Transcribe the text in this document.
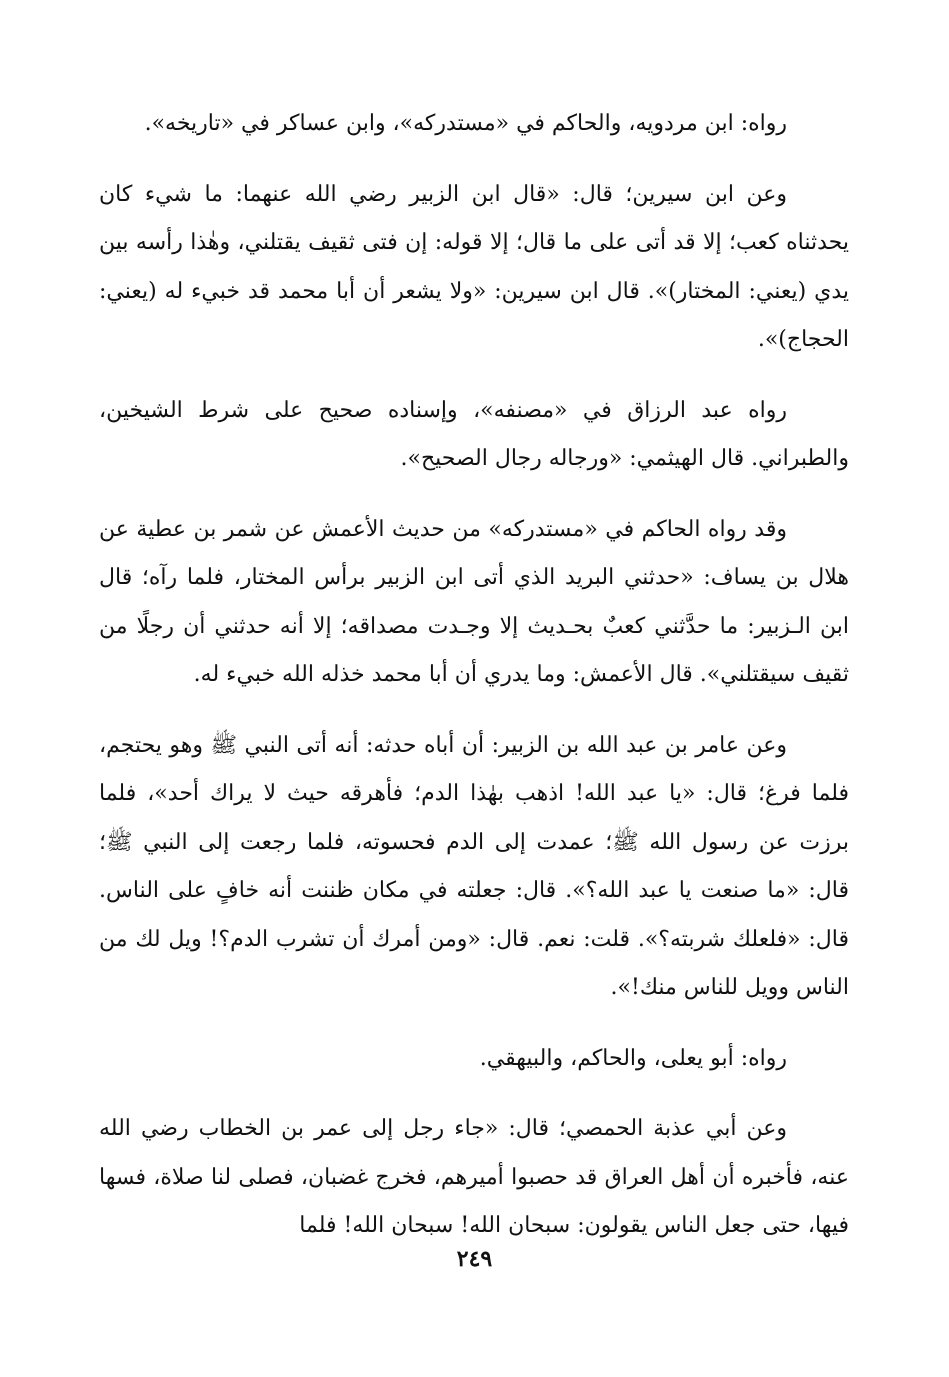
رواه: ابن مردويه، والحاكم في «مستدركه»، وابن عساكر في «تاريخه».

وعن ابن سيرين؛ قال: «قال ابن الزبير رضي الله عنهما: ما شيء كان يحدثناه كعب؛ إلا قد أتى على ما قال؛ إلا قوله: إن فتى ثقيف يقتلني، وهٰذا رأسه بين يدي (يعني: المختار)». قال ابن سيرين: «ولا يشعر أن أبا محمد قد خبيء له (يعني: الحجاج)».

رواه عبد الرزاق في «مصنفه»، وإسناده صحيح على شرط الشيخين، والطبراني. قال الهيثمي: «ورجاله رجال الصحيح».

وقد رواه الحاكم في «مستدركه» من حديث الأعمش عن شمر بن عطية عن هلال بن يساف: «حدثني البريد الذي أتى ابن الزبير برأس المختار، فلما رآه؛ قال ابن الـزبير: ما حدَّثني كعبٌ بحـديث إلا وجـدت مصداقه؛ إلا أنه حدثني أن رجلًا من ثقيف سيقتلني». قال الأعمش: وما يدري أن أبا محمد خذله الله خبيء له.

وعن عامر بن عبد الله بن الزبير: أن أباه حدثه: أنه أتى النبي ﷺ وهو يحتجم، فلما فرغ؛ قال: «يا عبد الله! اذهب بهٰذا الدم؛ فأهرقه حيث لا يراك أحد»، فلما برزت عن رسول الله ﷺ؛ عمدت إلى الدم فحسوته، فلما رجعت إلى النبي ﷺ؛ قال: «ما صنعت يا عبد الله؟». قال: جعلته في مكان ظننت أنه خافٍ على الناس. قال: «فلعلك شربته؟». قلت: نعم. قال: «ومن أمرك أن تشرب الدم؟! ويل لك من الناس وويل للناس منك!».

رواه: أبو يعلى، والحاكم، والبيهقي.

وعن أبي عذبة الحمصي؛ قال: «جاء رجل إلى عمر بن الخطاب رضي الله عنه، فأخبره أن أهل العراق قد حصبوا أميرهم، فخرج غضبان، فصلى لنا صلاة، فسها فيها، حتى جعل الناس يقولون: سبحان الله! سبحان الله! فلما

٢٤٩
